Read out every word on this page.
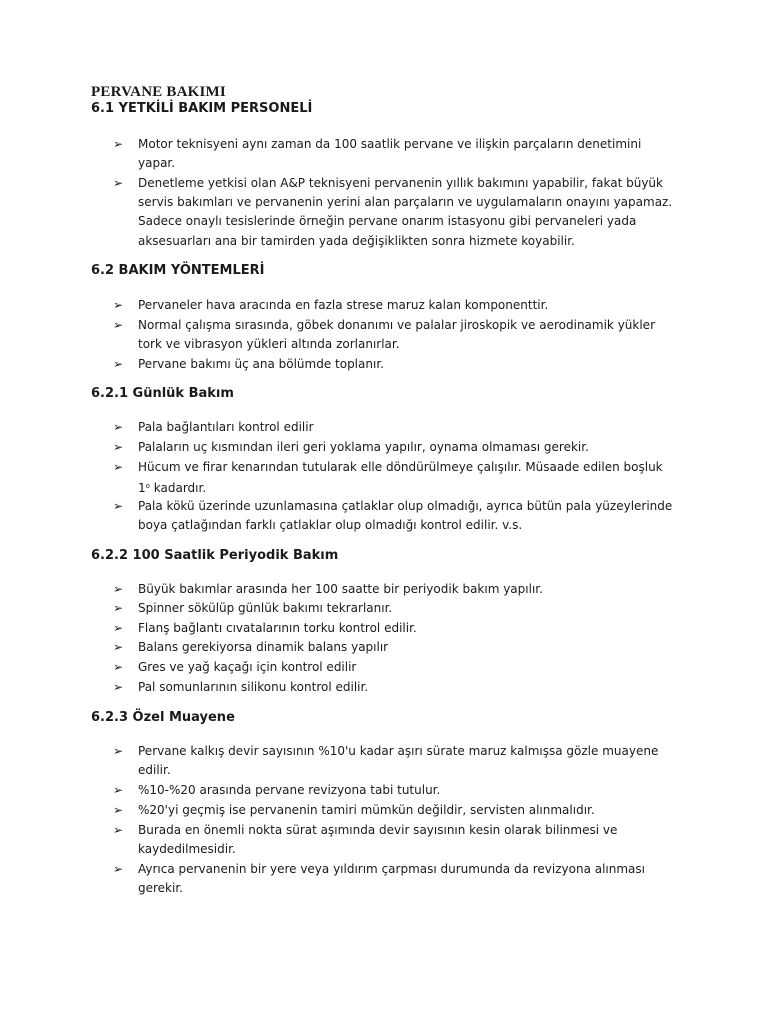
PERVANE BAKIMI
6.1 YETKİLİ BAKIM PERSONELİ
➢ Motor teknisyeni aynı zaman da 100 saatlik pervane ve ilişkin parçaların denetimini
yapar.
➢ Denetleme yetkisi olan A&P teknisyeni pervanenin yıllık bakımını yapabilir, fakat büyük
servis bakımları ve pervanenin yerini alan parçaların ve uygulamaların onayını yapamaz.
Sadece onaylı tesislerinde örneğin pervane onarım istasyonu gibi pervaneleri yada
aksesuarları ana bir tamirden yada değişiklikten sonra hizmete koyabilir.
6.2 BAKIM YÖNTEMLERİ
➢ Pervaneler hava aracında en fazla strese maruz kalan komponenttir.
➢ Normal çalışma sırasında, göbek donanımı ve palalar jiroskopik ve aerodinamik yükler
tork ve vibrasyon yükleri altında zorlanırlar.
➢ Pervane bakımı üç ana bölümde toplanır.
6.2.1 Günlük Bakım
➢ Pala bağlantıları kontrol edilir
➢ Palaların uç kısmından ileri geri yoklama yapılır, oynama olmaması gerekir.
➢ Hücum ve firar kenarından tutularak elle döndürülmeye çalışılır. Müsaade edilen boşluk
1$^o$ kadardır.
➢ Pala kökü üzerinde uzunlamasına çatlaklar olup olmadığı, ayrıca bütün pala yüzeylerinde
boya çatlağından farklı çatlaklar olup olmadığı kontrol edilir. v.s.
6.2.2 100 Saatlik Periyodik Bakım
➢ Büyük bakımlar arasında her 100 saatte bir periyodik bakım yapılır.
➢ Spinner sökülüp günlük bakımı tekrarlanır.
➢ Flanş bağlantı cıvatalarının torku kontrol edilir.
➢ Balans gerekiyorsa dinamik balans yapılır
➢ Gres ve yağ kaçağı için kontrol edilir
➢ Pal somunlarının silikonu kontrol edilir.
6.2.3 Özel Muayene
➢ Pervane kalkış devir sayısının %10'u kadar aşırı sürate maruz kalmışsa gözle muayene
edilir.
➢ %10-%20 arasında pervane revizyona tabi tutulur.
➢ %20'yi geçmiş ise pervanenin tamiri mümkün değildir, servisten alınmalıdır.
➢ Burada en önemli nokta sürat aşımında devir sayısının kesin olarak bilinmesi ve
kaydedilmesidir.
➢ Ayrıca pervanenin bir yere veya yıldırım çarpması durumunda da revizyona alınması
gerekir.
